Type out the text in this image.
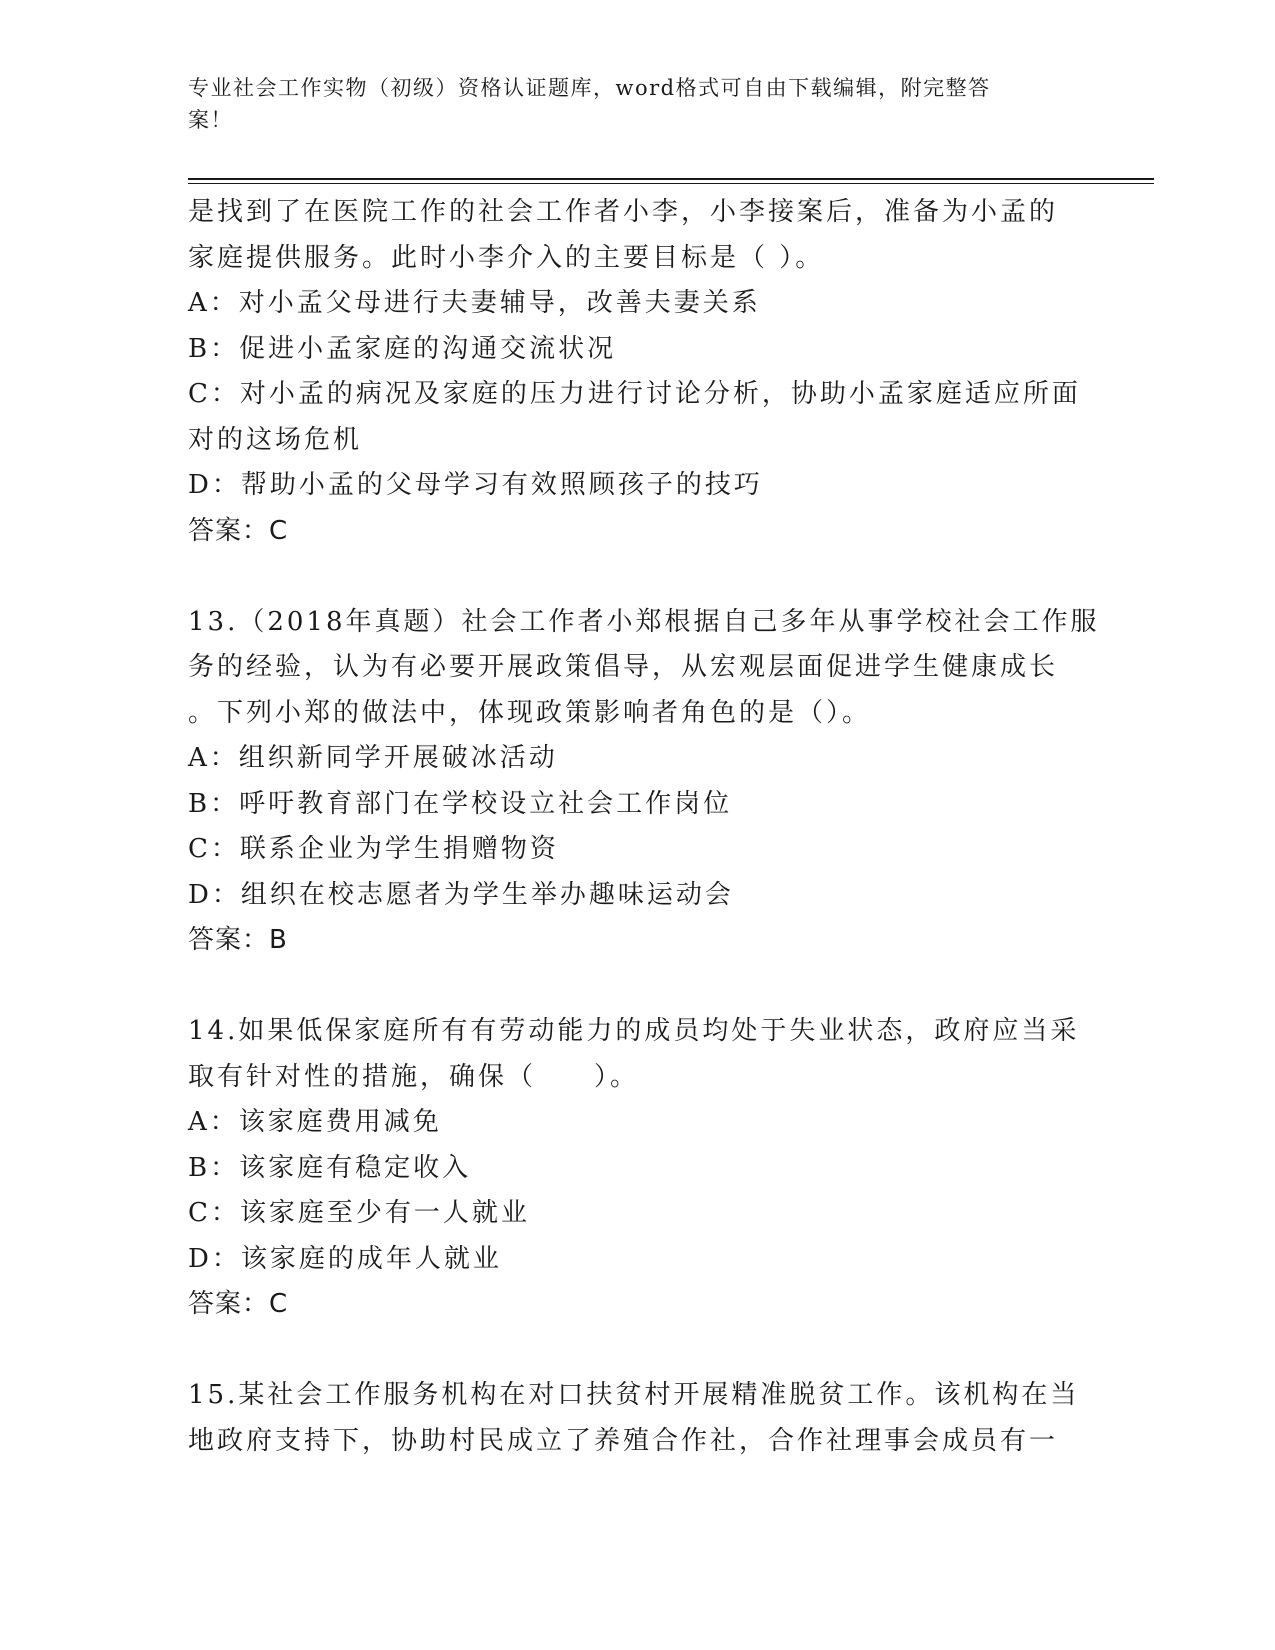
专业社会工作实物（初级）资格认证题库，word格式可自由下载编辑，附完整答
案！
是找到了在医院工作的社会工作者小李，小李接案后，准备为小孟的
家庭提供服务。此时小李介入的主要目标是（ ）。
A：对小孟父母进行夫妻辅导，改善夫妻关系
B：促进小孟家庭的沟通交流状况
C：对小孟的病况及家庭的压力进行讨论分析，协助小孟家庭适应所面
对的这场危机
D：帮助小孟的父母学习有效照顾孩子的技巧
答案：C
13.（2018年真题）社会工作者小郑根据自己多年从事学校社会工作服
务的经验，认为有必要开展政策倡导，从宏观层面促进学生健康成长
。下列小郑的做法中，体现政策影响者角色的是（）。
A：组织新同学开展破冰活动
B：呼吁教育部门在学校设立社会工作岗位
C：联系企业为学生捐赠物资
D：组织在校志愿者为学生举办趣味运动会
答案：B
14.如果低保家庭所有有劳动能力的成员均处于失业状态，政府应当采
取有针对性的措施，确保（　　）。
A：该家庭费用减免
B：该家庭有稳定收入
C：该家庭至少有一人就业
D：该家庭的成年人就业
答案：C
15.某社会工作服务机构在对口扶贫村开展精准脱贫工作。该机构在当
地政府支持下，协助村民成立了养殖合作社，合作社理事会成员有一
